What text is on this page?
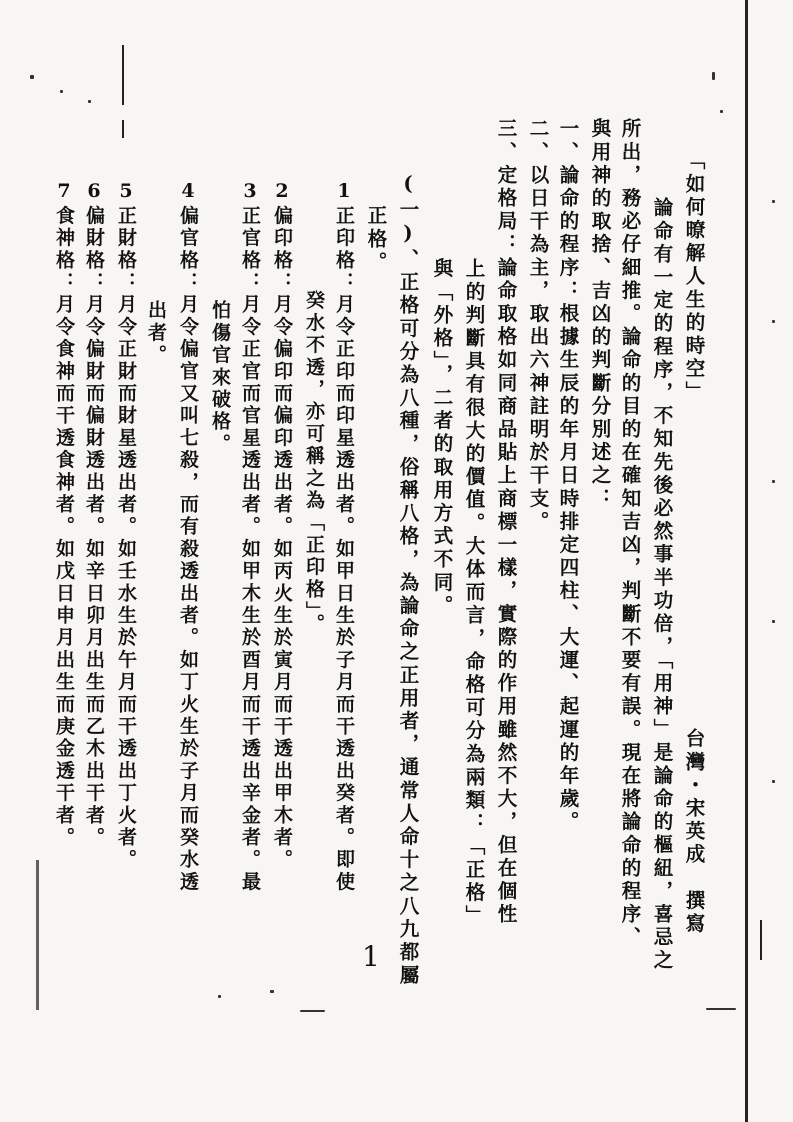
「如何暸解人生的時空」
台灣・宋英成　撰寫
論命有一定的程序，不知先後必然事半功倍，「用神」是論命的樞紐，喜忌之
所出，務必仔細推。論命的目的在確知吉凶，判斷不要有誤。現在將論命的程序、
與用神的取捨、吉凶的判斷分別述之：
一、論命的程序：根據生辰的年月日時排定四柱、大運、起運的年歲。
二、以日干為主，取出六神註明於干支。
三、定格局：論命取格如同商品貼上商標一樣，實際的作用雖然不大，但在個性
上的判斷具有很大的價值。大体而言，命格可分為兩類：「正格」
與「外格」，二者的取用方式不同。
(一)、正格可分為八種，俗稱八格，為論命之正用者，通常人命十之八九都屬
正格。
1正印格：月令正印而印星透出者。如甲日生於子月而干透出癸者。即使
癸水不透，亦可稱之為「正印格」。
2偏印格：月令偏印而偏印透出者。如丙火生於寅月而干透出甲木者。
3正官格：月令正官而官星透出者。如甲木生於酉月而干透出辛金者。最
怕傷官來破格。
4偏官格：月令偏官又叫七殺，而有殺透出者。如丁火生於子月而癸水透
出者。
5正財格：月令正財而財星透出者。如壬水生於午月而干透出丁火者。
6偏財格：月令偏財而偏財透出者。如辛日卯月出生而乙木出干者。
7食神格：月令食神而干透食神者。如戊日申月出生而庚金透干者。
1
